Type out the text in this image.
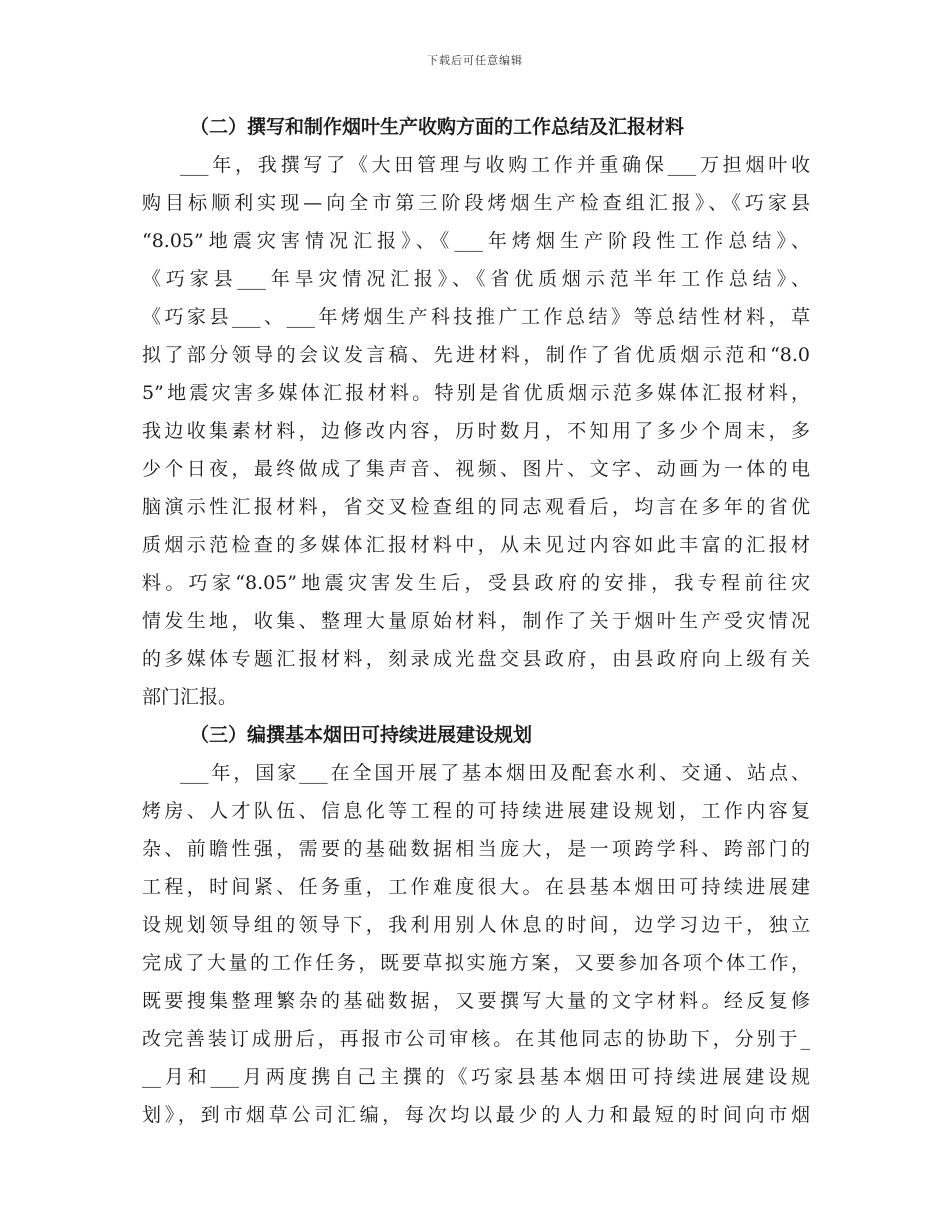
下载后可任意编辑
（二）撰写和制作烟叶生产收购方面的工作总结及汇报材料
___年，我撰写了《大田管理与收购工作并重确保___万担烟叶收
购目标顺利实现—向全市第三阶段烤烟生产检查组汇报》、《巧家县
“8.05”地震灾害情况汇报》、《___年烤烟生产阶段性工作总结》、
《巧家县___年旱灾情况汇报》、《省优质烟示范半年工作总结》、
《巧家县___、___年烤烟生产科技推广工作总结》等总结性材料，草
拟了部分领导的会议发言稿、先进材料，制作了省优质烟示范和“8.0
5”地震灾害多媒体汇报材料。特别是省优质烟示范多媒体汇报材料，
我边收集素材料，边修改内容，历时数月，不知用了多少个周末，多
少个日夜，最终做成了集声音、视频、图片、文字、动画为一体的电
脑演示性汇报材料，省交叉检查组的同志观看后，均言在多年的省优
质烟示范检查的多媒体汇报材料中，从未见过内容如此丰富的汇报材
料。巧家“8.05”地震灾害发生后，受县政府的安排，我专程前往灾
情发生地，收集、整理大量原始材料，制作了关于烟叶生产受灾情况
的多媒体专题汇报材料，刻录成光盘交县政府，由县政府向上级有关
部门汇报。
（三）编撰基本烟田可持续进展建设规划
___年，国家___在全国开展了基本烟田及配套水利、交通、站点、
烤房、人才队伍、信息化等工程的可持续进展建设规划，工作内容复
杂、前瞻性强，需要的基础数据相当庞大，是一项跨学科、跨部门的
工程，时间紧、任务重，工作难度很大。在县基本烟田可持续进展建
设规划领导组的领导下，我利用别人休息的时间，边学习边干，独立
完成了大量的工作任务，既要草拟实施方案，又要参加各项个体工作，
既要搜集整理繁杂的基础数据，又要撰写大量的文字材料。经反复修
改完善装订成册后，再报市公司审核。在其他同志的协助下，分别于_
__月和___月两度携自己主撰的《巧家县基本烟田可持续进展建设规
划》，到市烟草公司汇编，每次均以最少的人力和最短的时间向市烟
